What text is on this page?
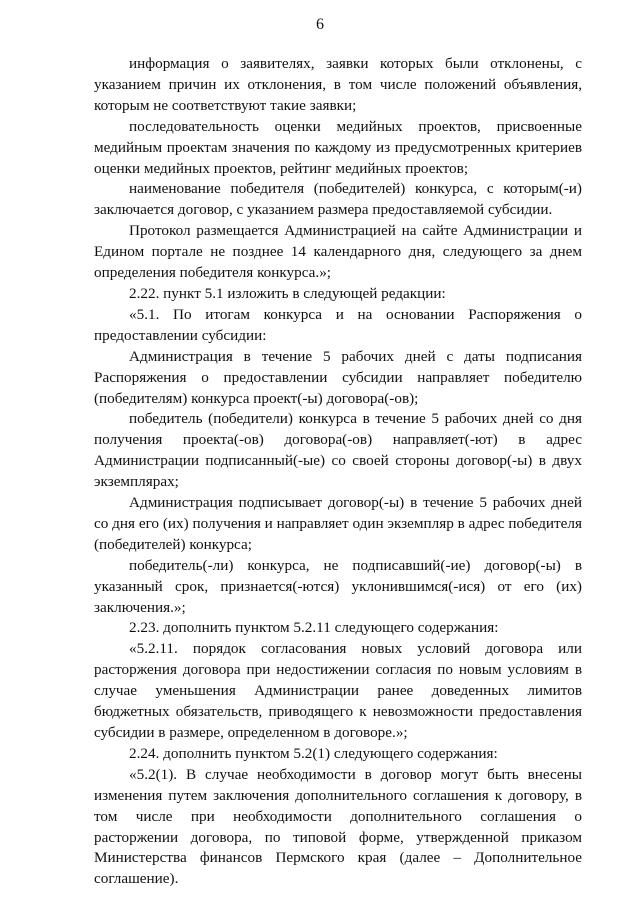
6

информация о заявителях, заявки которых были отклонены, с указанием причин их отклонения, в том числе положений объявления, которым не соответствуют такие заявки;

последовательность оценки медийных проектов, присвоенные медийным проектам значения по каждому из предусмотренных критериев оценки медийных проектов, рейтинг медийных проектов;

наименование победителя (победителей) конкурса, с которым(-и) заключается договор, с указанием размера предоставляемой субсидии.

Протокол размещается Администрацией на сайте Администрации и Едином портале не позднее 14 календарного дня, следующего за днем определения победителя конкурса.»;

2.22. пункт 5.1 изложить в следующей редакции:

«5.1. По итогам конкурса и на основании Распоряжения о предоставлении субсидии:

Администрация в течение 5 рабочих дней с даты подписания Распоряжения о предоставлении субсидии направляет победителю (победителям) конкурса проект(-ы) договора(-ов);

победитель (победители) конкурса в течение 5 рабочих дней со дня получения проекта(-ов) договора(-ов) направляет(-ют) в адрес Администрации подписанный(-ые) со своей стороны договор(-ы) в двух экземплярах;

Администрация подписывает договор(-ы) в течение 5 рабочих дней со дня его (их) получения и направляет один экземпляр в адрес победителя (победителей) конкурса;

победитель(-ли) конкурса, не подписавший(-ие) договор(-ы) в указанный срок, признается(-ются) уклонившимся(-ися) от его (их) заключения.»;

2.23. дополнить пунктом 5.2.11 следующего содержания:

«5.2.11. порядок согласования новых условий договора или расторжения договора при недостижении согласия по новым условиям в случае уменьшения Администрации ранее доведенных лимитов бюджетных обязательств, приводящего к невозможности предоставления субсидии в размере, определенном в договоре.»;

2.24. дополнить пунктом 5.2(1) следующего содержания:

«5.2(1). В случае необходимости в договор могут быть внесены изменения путем заключения дополнительного соглашения к договору, в том числе при необходимости дополнительного соглашения о расторжении договора, по типовой форме, утвержденной приказом Министерства финансов Пермского края (далее – Дополнительное соглашение).
